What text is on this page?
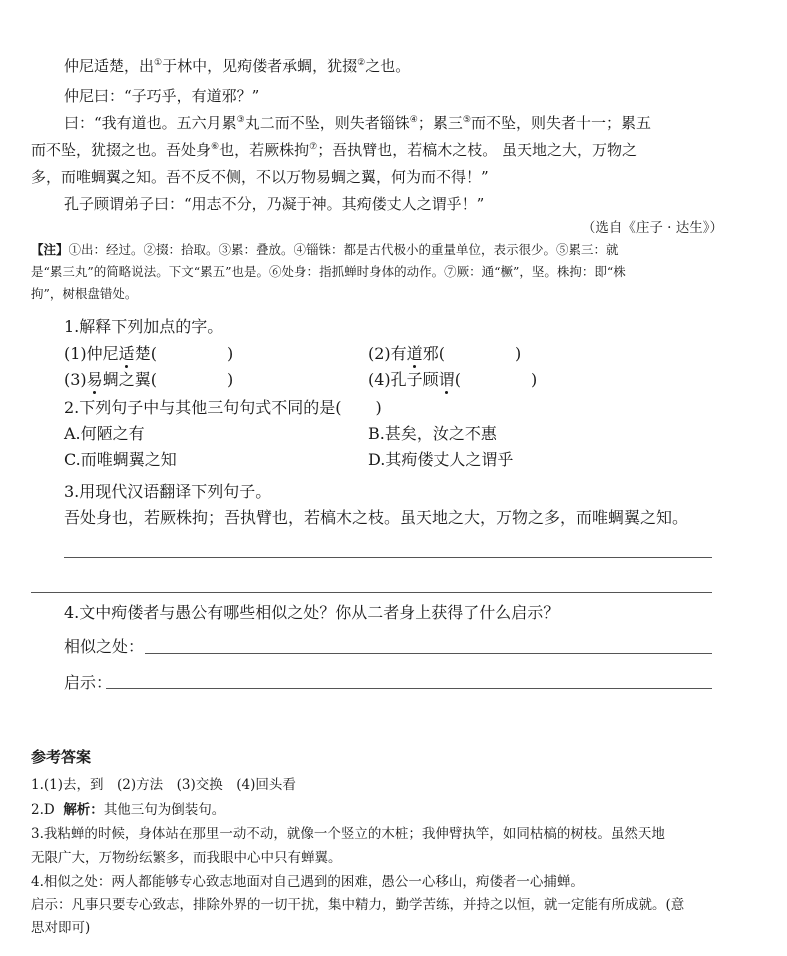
仲尼适楚，出①于林中，见痀偻者承蜩，犹掇②之也。
仲尼曰：“子巧乎，有道邪？”
曰：“我有道也。五六月累③丸二而不坠，则失者锱铢④；累三⑤而不坠，则失者十一；累五
而不坠，犹掇之也。吾处身⑥也，若厥株拘⑦；吾执臂也，若槁木之枝。 虽天地之大，万物之
多，而唯蜩翼之知。吾不反不侧，不以万物易蜩之翼，何为而不得！”
孔子顾谓弟子曰：“用志不分，乃凝于神。其痀偻丈人之谓乎！”
（选自《庄子 · 达生》）
【注】①出：经过。②掇：拾取。③累：叠放。④锱铢：都是古代极小的重量单位，表示很少。⑤累三：就
是“累三丸”的简略说法。下文“累五”也是。⑥处身：指抓蝉时身体的动作。⑦厥：通“橛”，坚。株拘：即“株
拘”，树根盘错处。
1.解释下列加点的字。
(1)仲尼适楚(	)	(2)有道邪(	)
(3)易蜩之翼(	)	(4)孔子顾谓(	)
2.下列句子中与其他三句句式不同的是( )
A.何陋之有	B.甚矣，汝之不惠
C.而唯蜩翼之知	D.其痀偻丈人之谓乎
3.用现代汉语翻译下列句子。
吾处身也，若厥株拘；吾执臂也，若槁木之枝。虽天地之大，万物之多，而唯蜩翼之知。
4.文中痀偻者与愚公有哪些相似之处？你从二者身上获得了什么启示？
相似之处：
启示：
参考答案
1.(1)去，到　(2)方法　(3)交换　(4)回头看
2.D 解析：其他三句为倒装句。
3.我粘蝉的时候，身体站在那里一动不动，就像一个竖立的木桩；我伸臂执竿，如同枯槁的树枝。虽然天地
无限广大，万物纷纭繁多，而我眼中心中只有蝉翼。
4.相似之处：两人都能够专心致志地面对自己遇到的困难，愚公一心移山，痀偻者一心捕蝉。
启示：凡事只要专心致志，排除外界的一切干扰，集中精力，勤学苦练，并持之以恒，就一定能有所成就。(意
思对即可)
